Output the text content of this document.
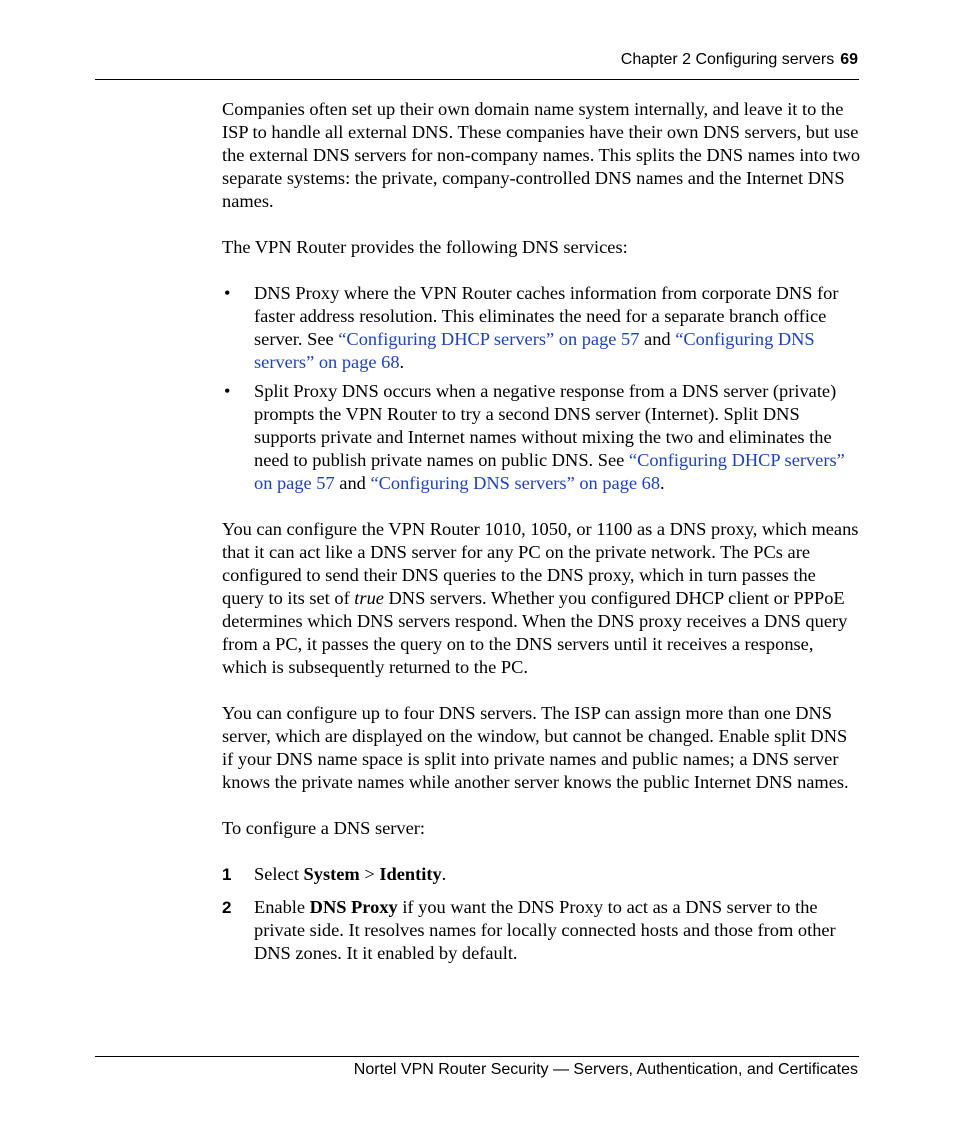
Chapter 2 Configuring servers 69

Companies often set up their own domain name system internally, and leave it to the ISP to handle all external DNS. These companies have their own DNS servers, but use the external DNS servers for non-company names. This splits the DNS names into two separate systems: the private, company-controlled DNS names and the Internet DNS names.

The VPN Router provides the following DNS services:

• DNS Proxy where the VPN Router caches information from corporate DNS for faster address resolution. This eliminates the need for a separate branch office server. See “Configuring DHCP servers” on page 57 and “Configuring DNS servers” on page 68.
• Split Proxy DNS occurs when a negative response from a DNS server (private) prompts the VPN Router to try a second DNS server (Internet). Split DNS supports private and Internet names without mixing the two and eliminates the need to publish private names on public DNS. See “Configuring DHCP servers” on page 57 and “Configuring DNS servers” on page 68.

You can configure the VPN Router 1010, 1050, or 1100 as a DNS proxy, which means that it can act like a DNS server for any PC on the private network. The PCs are configured to send their DNS queries to the DNS proxy, which in turn passes the query to its set of true DNS servers. Whether you configured DHCP client or PPPoE determines which DNS servers respond. When the DNS proxy receives a DNS query from a PC, it passes the query on to the DNS servers until it receives a response, which is subsequently returned to the PC.

You can configure up to four DNS servers. The ISP can assign more than one DNS server, which are displayed on the window, but cannot be changed. Enable split DNS if your DNS name space is split into private names and public names; a DNS server knows the private names while another server knows the public Internet DNS names.

To configure a DNS server:

1 Select System > Identity.
2 Enable DNS Proxy if you want the DNS Proxy to act as a DNS server to the private side. It resolves names for locally connected hosts and those from other DNS zones. It it enabled by default.
Nortel VPN Router Security — Servers, Authentication, and Certificates
